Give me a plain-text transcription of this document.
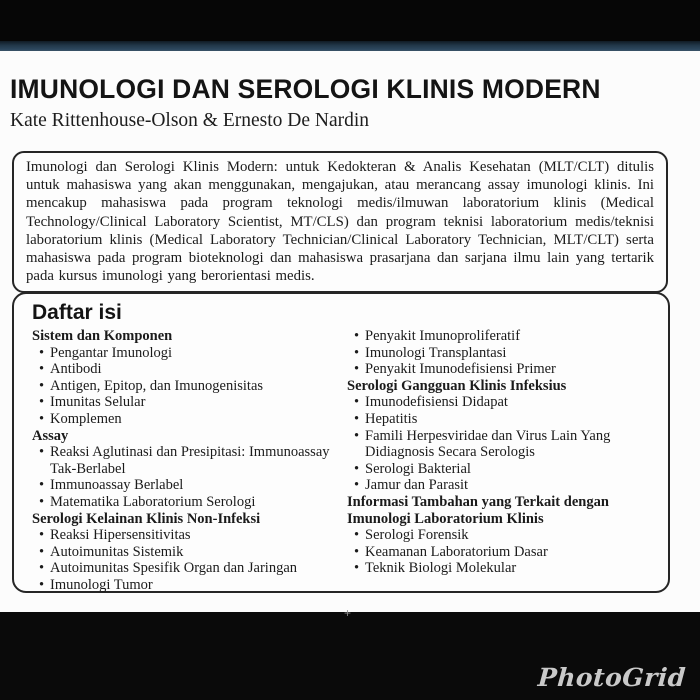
IMUNOLOGI DAN SEROLOGI KLINIS MODERN
Kate Rittenhouse-Olson & Ernesto De Nardin
Imunologi dan Serologi Klinis Modern: untuk Kedokteran & Analis Kesehatan (MLT/CLT) ditulis untuk mahasiswa yang akan menggunakan, mengajukan, atau merancang assay imunologi klinis. Ini mencakup mahasiswa pada program teknologi medis/ilmuwan laboratorium klinis (Medical Technology/Clinical Laboratory Scientist, MT/CLS) dan program teknisi laboratorium medis/teknisi laboratorium klinis (Medical Laboratory Technician/Clinical Laboratory Technician, MLT/CLT) serta mahasiswa pada program bioteknologi dan mahasiswa prasarjana dan sarjana ilmu lain yang tertarik pada kursus imunologi yang berorientasi medis.
Daftar isi
Sistem dan Komponen
• Pengantar Imunologi
• Antibodi
• Antigen, Epitop, dan Imunogenisitas
• Imunitas Selular
• Komplemen
Assay
• Reaksi Aglutinasi dan Presipitasi: Immunoassay Tak-Berlabel
• Immunoassay Berlabel
• Matematika Laboratorium Serologi
Serologi Kelainan Klinis Non-Infeksi
• Reaksi Hipersensitivitas
• Autoimunitas Sistemik
• Autoimunitas Spesifik Organ dan Jaringan
• Imunologi Tumor
• Penyakit Imunoproliferatif
• Imunologi Transplantasi
• Penyakit Imunodefisiensi Primer
Serologi Gangguan Klinis Infeksius
• Imunodefisiensi Didapat
• Hepatitis
• Famili Herpesviridae dan Virus Lain Yang Didiagnosis Secara Serologis
• Serologi Bakterial
• Jamur dan Parasit
Informasi Tambahan yang Terkait dengan Imunologi Laboratorium Klinis
• Serologi Forensik
• Keamanan Laboratorium Dasar
• Teknik Biologi Molekular
+
PhotoGrid
